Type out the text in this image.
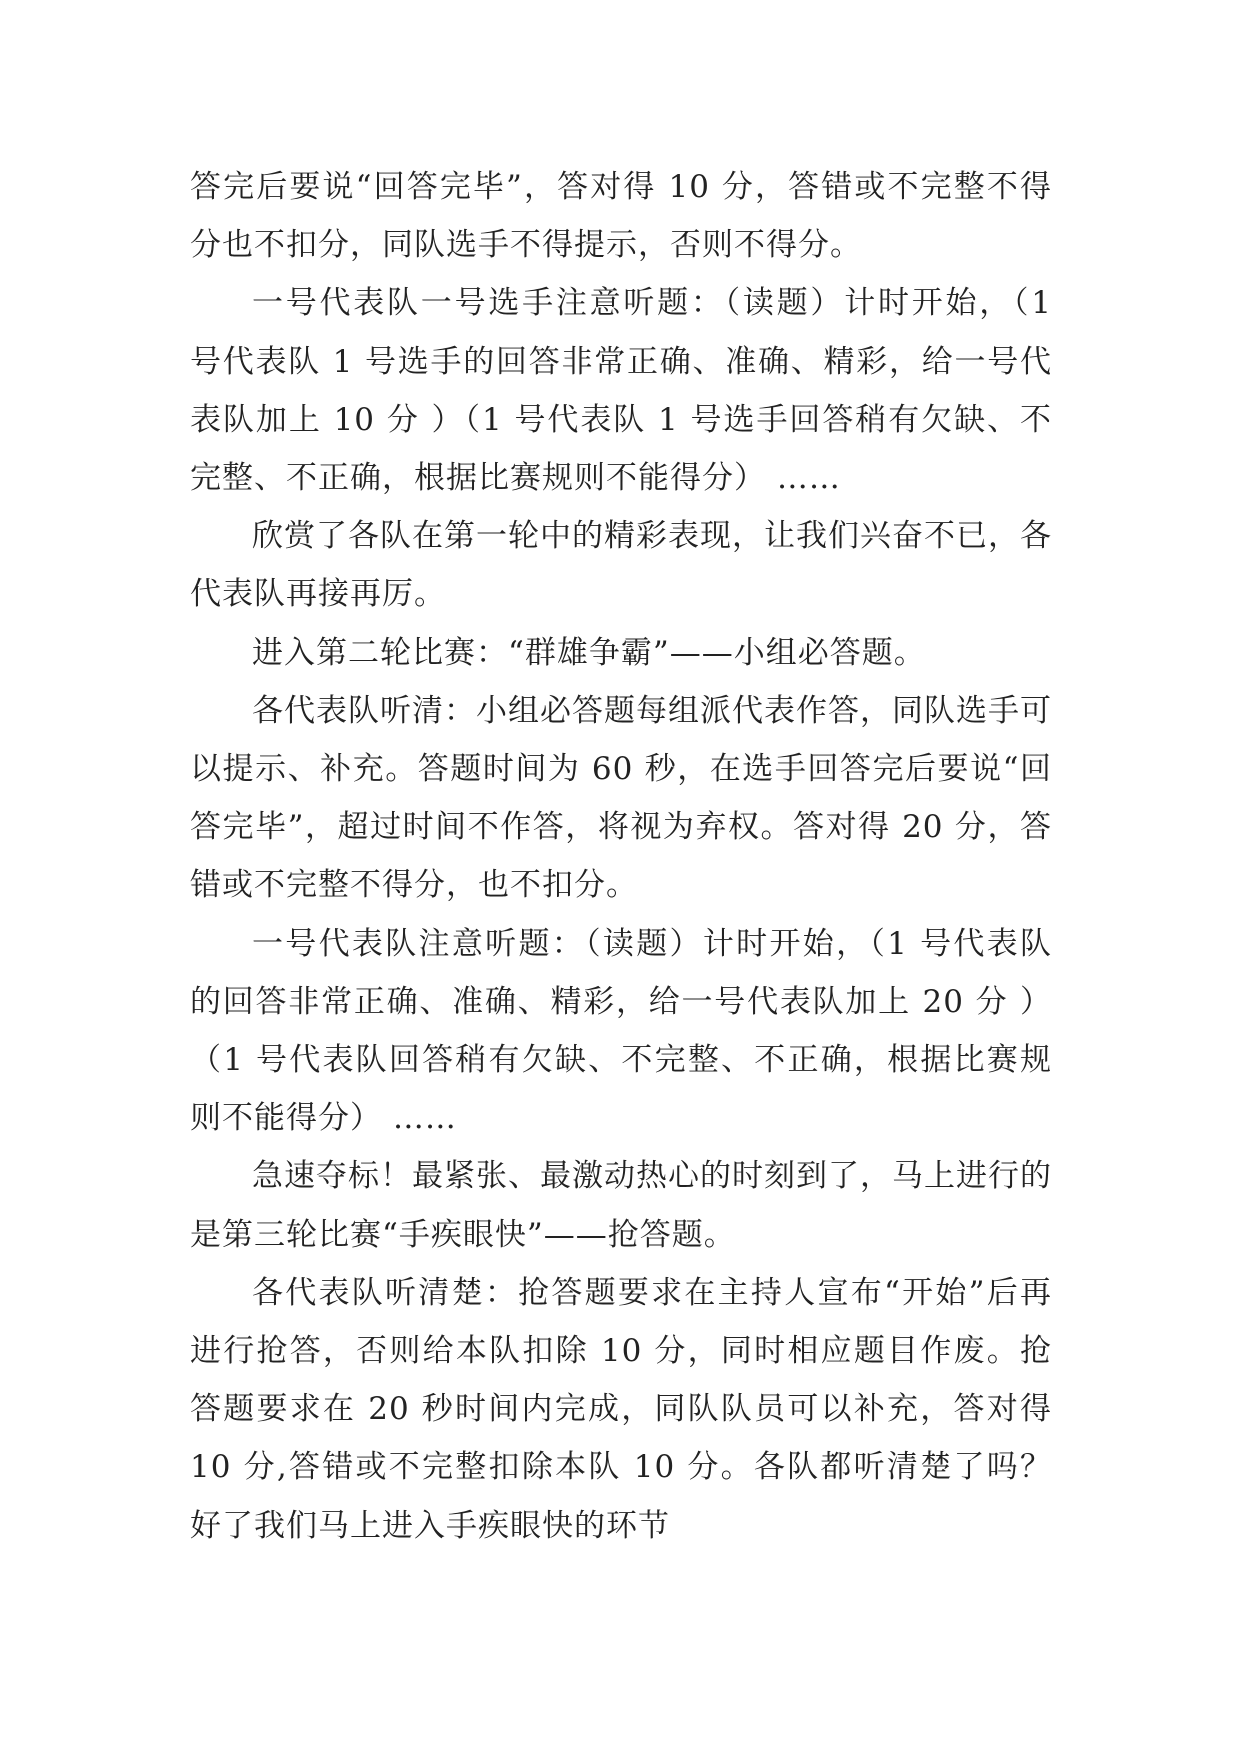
答完后要说“回答完毕”，答对得 10 分，答错或不完整不得分也不扣分，同队选手不得提示，否则不得分。

一号代表队一号选手注意听题：（读题）计时开始，（1 号代表队 1 号选手的回答非常正确、准确、精彩，给一号代表队加上 10 分 ）（1 号代表队 1 号选手回答稍有欠缺、不完整、不正确，根据比赛规则不能得分） ……

欣赏了各队在第一轮中的精彩表现，让我们兴奋不已，各代表队再接再厉。

进入第二轮比赛：“群雄争霸”——小组必答题。

各代表队听清：小组必答题每组派代表作答，同队选手可以提示、补充。答题时间为 60 秒，在选手回答完后要说“回答完毕”，超过时间不作答，将视为弃权。答对得 20 分，答错或不完整不得分，也不扣分。

一号代表队注意听题：（读题）计时开始，（1 号代表队的回答非常正确、准确、精彩，给一号代表队加上 20 分 ）（1 号代表队回答稍有欠缺、不完整、不正确，根据比赛规则不能得分） ……

急速夺标！最紧张、最激动热心的时刻到了，马上进行的是第三轮比赛“手疾眼快”——抢答题。

各代表队听清楚：抢答题要求在主持人宣布“开始”后再进行抢答，否则给本队扣除 10 分，同时相应题目作废。抢答题要求在 20 秒时间内完成，同队队员可以补充，答对得 10 分,答错或不完整扣除本队 10 分。各队都听清楚了吗？好了我们马上进入手疾眼快的环节
